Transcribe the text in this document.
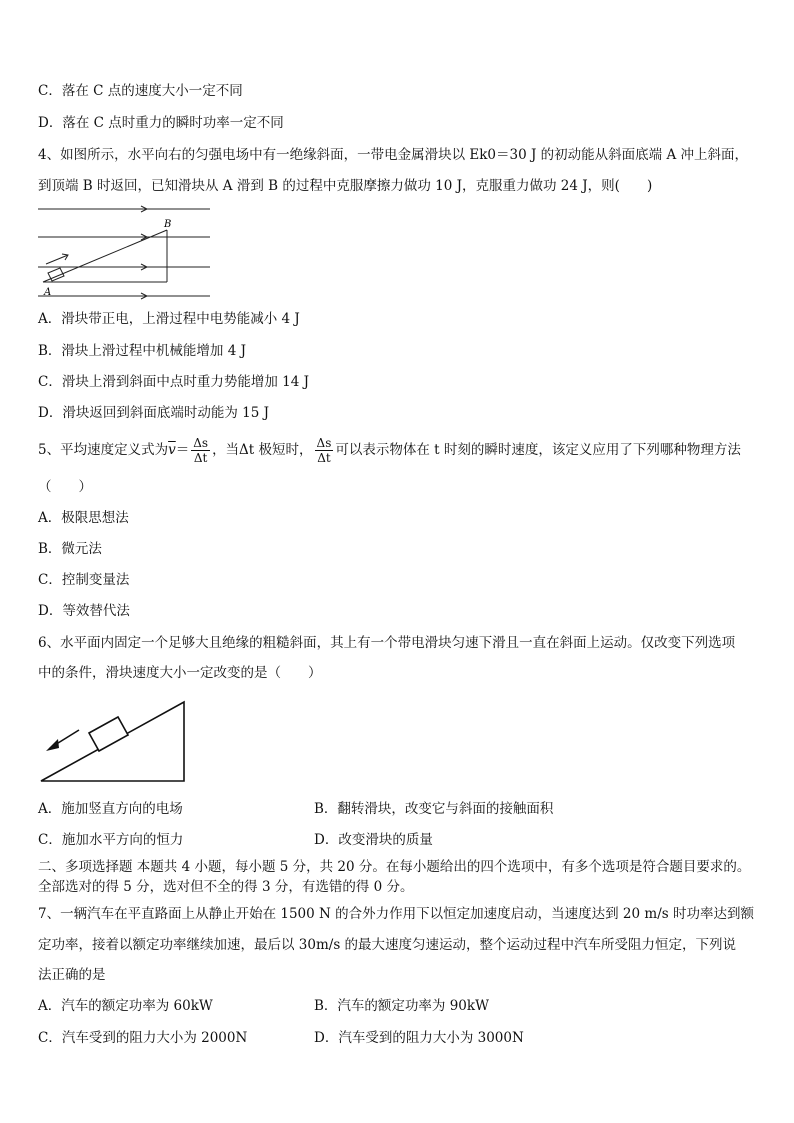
C．落在 C 点的速度大小一定不同
D．落在 C 点时重力的瞬时功率一定不同
4、如图所示，水平向右的匀强电场中有一绝缘斜面，一带电金属滑块以 Ek0＝30 J 的初动能从斜面底端 A 冲上斜面，
到顶端 B 时返回，已知滑块从 A 滑到 B 的过程中克服摩擦力做功 10 J，克服重力做功 24 J，则(　　)
A
B
A．滑块带正电，上滑过程中电势能减小 4 J
B．滑块上滑过程中机械能增加 4 J
C．滑块上滑到斜面中点时重力势能增加 14 J
D．滑块返回到斜面底端时动能为 15 J
5、平均速度定义式为$\overline{v}= \frac{\Delta s}{\Delta t}$ ，当Δt 极短时， $\frac{\Delta s}{\Delta t}$ 可以表示物体在 t 时刻的瞬时速度，该定义应用了下列哪种物理方法
（　　）
A．极限思想法
B．微元法
C．控制变量法
D．等效替代法
6、水平面内固定一个足够大且绝缘的粗糙斜面，其上有一个带电滑块匀速下滑且一直在斜面上运动。仅改变下列选项
中的条件，滑块速度大小一定改变的是（　　）
A．施加竖直方向的电场	B．翻转滑块，改变它与斜面的接触面积
C．施加水平方向的恒力	D．改变滑块的质量
二、多项选择题 本题共 4 小题，每小题 5 分，共 20 分。在每小题给出的四个选项中，有多个选项是符合题目要求的。
全部选对的得 5 分，选对但不全的得 3 分，有选错的得 0 分。
7、一辆汽车在平直路面上从静止开始在 1500 N 的合外力作用下以恒定加速度启动，当速度达到 20 m/s 时功率达到额
定功率，接着以额定功率继续加速，最后以 30m/s 的最大速度匀速运动，整个运动过程中汽车所受阻力恒定，下列说
法正确的是
A．汽车的额定功率为 60kW	B．汽车的额定功率为 90kW
C．汽车受到的阻力大小为 2000N	D．汽车受到的阻力大小为 3000N
